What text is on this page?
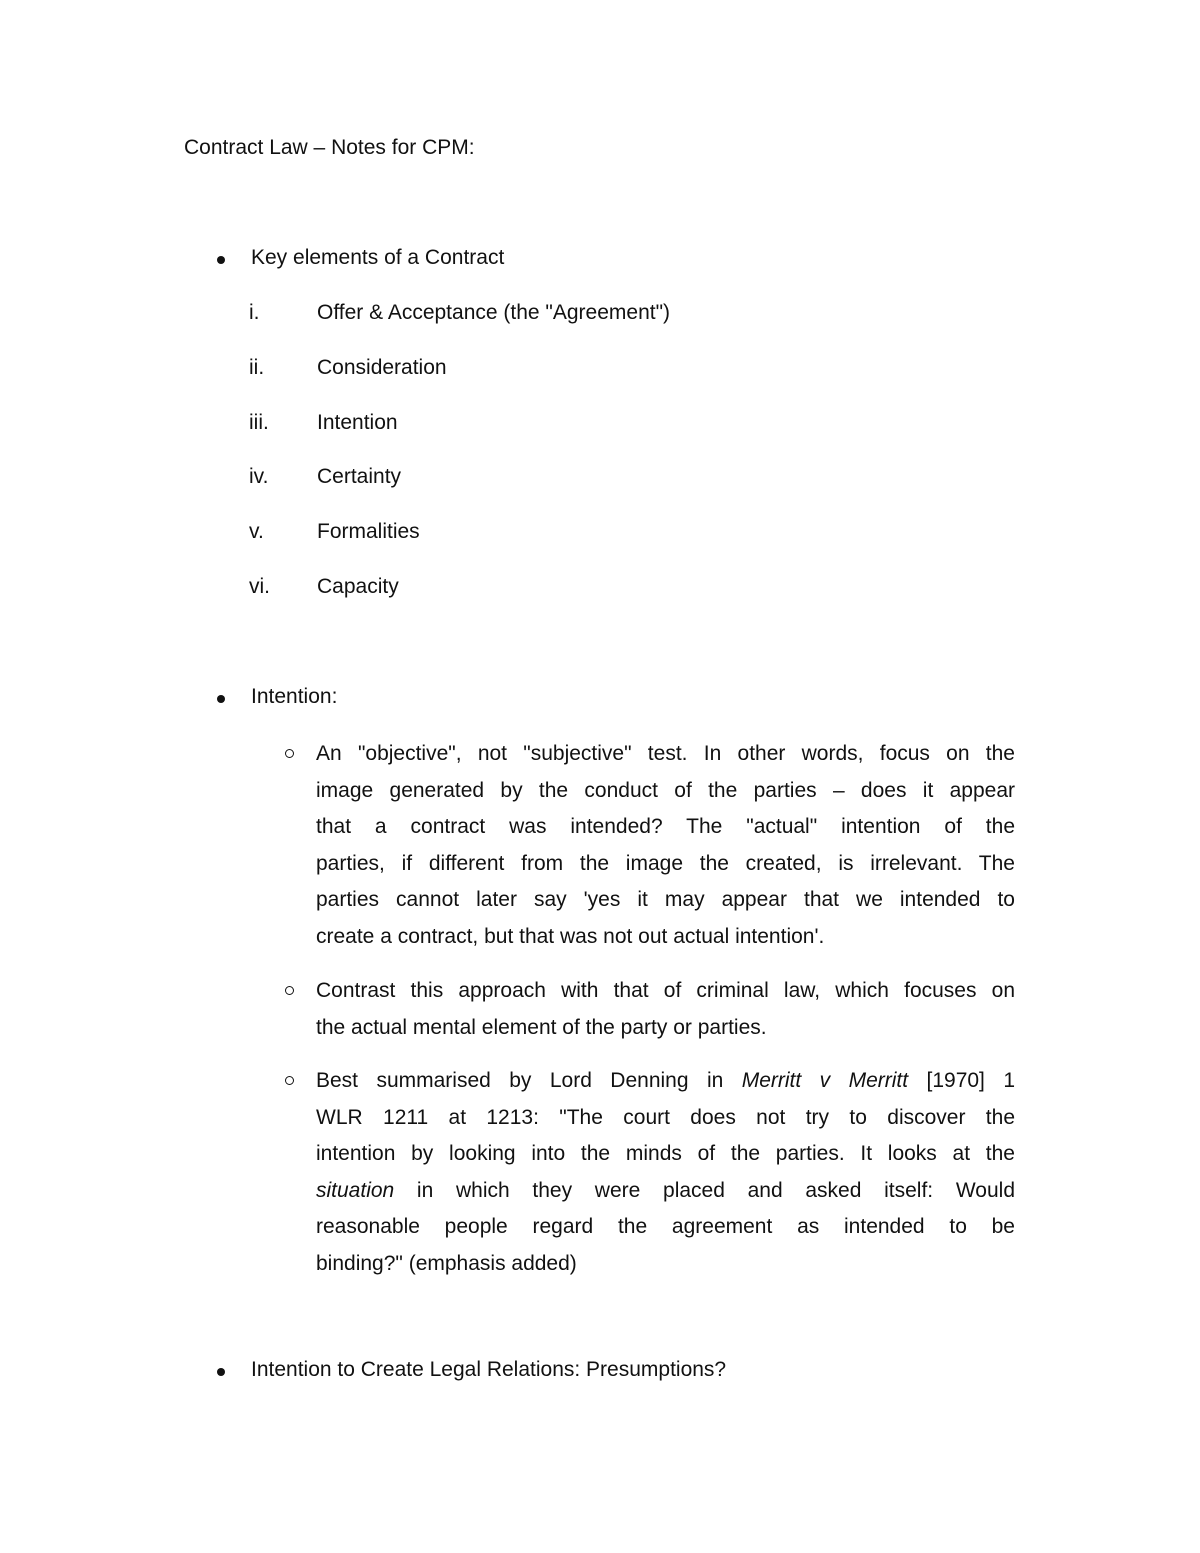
Contract Law – Notes for CPM:
Key elements of a Contract
i.	Offer & Acceptance (the "Agreement")
ii.	Consideration
iii. Intention
iv. Certainty
v.	Formalities
vi. Capacity
Intention:
An "objective", not "subjective" test. In other words, focus on the
image generated by the conduct of the parties – does it appear
that a contract was intended? The "actual" intention of the
parties, if different from the image the created, is irrelevant. The
parties cannot later say 'yes it may appear that we intended to
create a contract, but that was not out actual intention'.
Contrast this approach with that of criminal law, which focuses on
the actual mental element of the party or parties.
Best summarised by Lord Denning in Merritt v Merritt [1970] 1
WLR 1211 at 1213: "The court does not try to discover the
intention by looking into the minds of the parties. It looks at the
situation in which they were placed and asked itself: Would
reasonable people regard the agreement as intended to be
binding?" (emphasis added)
Intention to Create Legal Relations: Presumptions?
